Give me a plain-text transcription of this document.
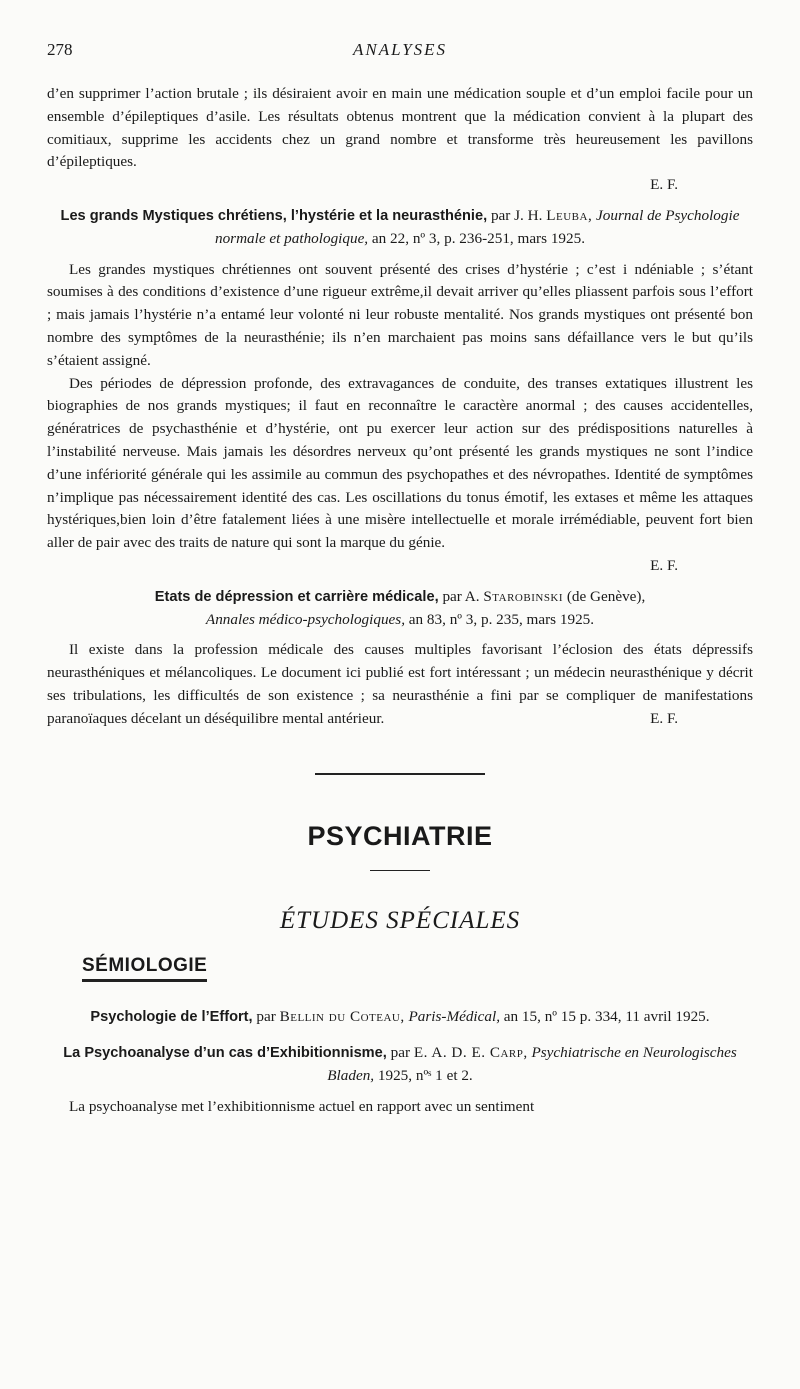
278	ANALYSES

d’en supprimer l’action brutale ; ils désiraient avoir en main une médication souple et d’un emploi facile pour un ensemble d’épileptiques d’asile. Les résultats obtenus montrent que la médication convient à la plupart des comitiaux, supprime les accidents chez un grand nombre et transforme très heureusement les pavillons d’épileptiques.

E. F.

Les grands Mystiques chrétiens, l’hystérie et la neurasthénie, par J. H. Leuba, Journal de Psychologie normale et pathologique, an 22, nº 3, p. 236-251, mars 1925.

Les grandes mystiques chrétiennes ont souvent présenté des crises d’hystérie ; c’est i ndéniable ; s’étant soumises à des conditions d’existence d’une rigueur extrême,il devait arriver qu’elles pliassent parfois sous l’effort ; mais jamais l’hystérie n’a entamé leur volonté ni leur robuste mentalité. Nos grands mystiques ont présenté bon nombre des symptômes de la neurasthénie; ils n’en marchaient pas moins sans défaillance vers le but qu’ils s’étaient assigné.

Des périodes de dépression profonde, des extravagances de conduite, des transes extatiques illustrent les biographies de nos grands mystiques; il faut en reconnaître le caractère anormal ; des causes accidentelles, génératrices de psychasthénie et d’hystérie, ont pu exercer leur action sur des prédispositions naturelles à l’instabilité nerveuse. Mais jamais les désordres nerveux qu’ont présenté les grands mystiques ne sont l’indice d’une infériorité générale qui les assimile au commun des psychopathes et des névropathes. Identité de symptômes n’implique pas nécessairement identité des cas. Les oscillations du tonus émotif, les extases et même les attaques hystériques,bien loin d’être fatalement liées à une misère intellectuelle et morale irrémédiable, peuvent fort bien aller de pair avec des traits de nature qui sont la marque du génie.

E. F.

Etats de dépression et carrière médicale, par A. Starobinski (de Genève),
Annales médico-psychologiques, an 83, nº 3, p. 235, mars 1925.

Il existe dans la profession médicale des causes multiples favorisant l’éclosion des états dépressifs neurasthéniques et mélancoliques. Le document ici publié est fort intéressant ; un médecin neurasthénique y décrit ses tribulations, les difficultés de son existence ; sa neurasthénie a fini par se compliquer de manifestations paranoïaques décelant un déséquilibre mental antérieur.	E. F.

PSYCHIATRIE

ÉTUDES SPÉCIALES

SÉMIOLOGIE

Psychologie de l’Effort, par Bellin du Coteau, Paris-Médical, an 15, nº 15 p. 334, 11 avril 1925.

La Psychoanalyse d’un cas d’Exhibitionnisme, par E. A. D. E. Carp, Psychiatrische en Neurologisches Bladen, 1925, nºˢ 1 et 2.

La psychoanalyse met l’exhibitionnisme actuel en rapport avec un sentiment
